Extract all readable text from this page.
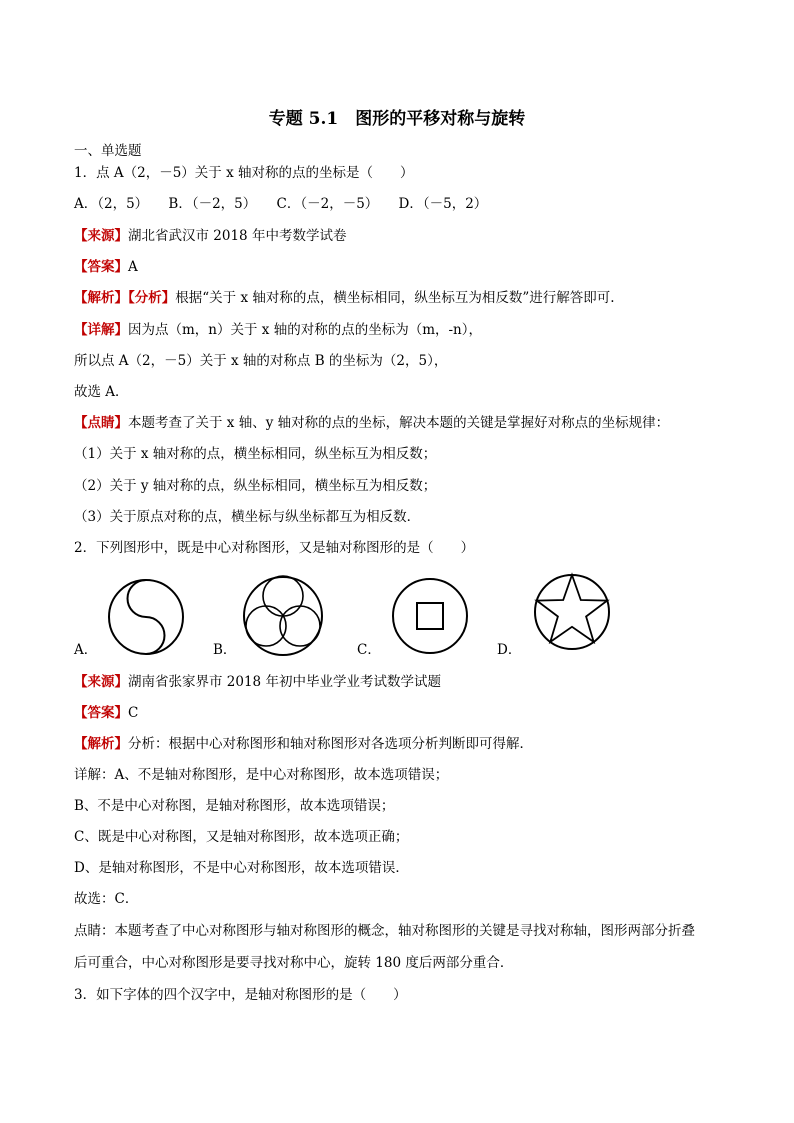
专题 5.1　图形的平移对称与旋转
一、单选题
1．点 A（2，－5）关于 x 轴对称的点的坐标是（　　）
A．（2，5）　　B．（－2，5）　　C．（－2，－5）　　D．（－5，2）
【来源】湖北省武汉市 2018 年中考数学试卷
【答案】A
【解析】【分析】根据“关于 x 轴对称的点，横坐标相同，纵坐标互为相反数”进行解答即可.
【详解】因为点（m，n）关于 x 轴的对称的点的坐标为（m，-n），
所以点 A（2，－5）关于 x 轴的对称点 B 的坐标为（2，5），
故选 A．
【点睛】本题考查了关于 x 轴、y 轴对称的点的坐标，解决本题的关键是掌握好对称点的坐标规律：
（1）关于 x 轴对称的点，横坐标相同，纵坐标互为相反数；
（2）关于 y 轴对称的点，纵坐标相同，横坐标互为相反数；
（3）关于原点对称的点，横坐标与纵坐标都互为相反数．
2．下列图形中，既是中心对称图形，又是轴对称图形的是（　　）
A．	B．	C．	D．
【来源】湖南省张家界市 2018 年初中毕业学业考试数学试题
【答案】C
【解析】分析：根据中心对称图形和轴对称图形对各选项分析判断即可得解．
详解：A、不是轴对称图形，是中心对称图形，故本选项错误；
B、不是中心对称图，是轴对称图形，故本选项错误；
C、既是中心对称图，又是轴对称图形，故本选项正确；
D、是轴对称图形，不是中心对称图形，故本选项错误．
故选：C．
点睛：本题考查了中心对称图形与轴对称图形的概念，轴对称图形的关键是寻找对称轴，图形两部分折叠
后可重合，中心对称图形是要寻找对称中心，旋转 180 度后两部分重合．
3．如下字体的四个汉字中，是轴对称图形的是（　　）
